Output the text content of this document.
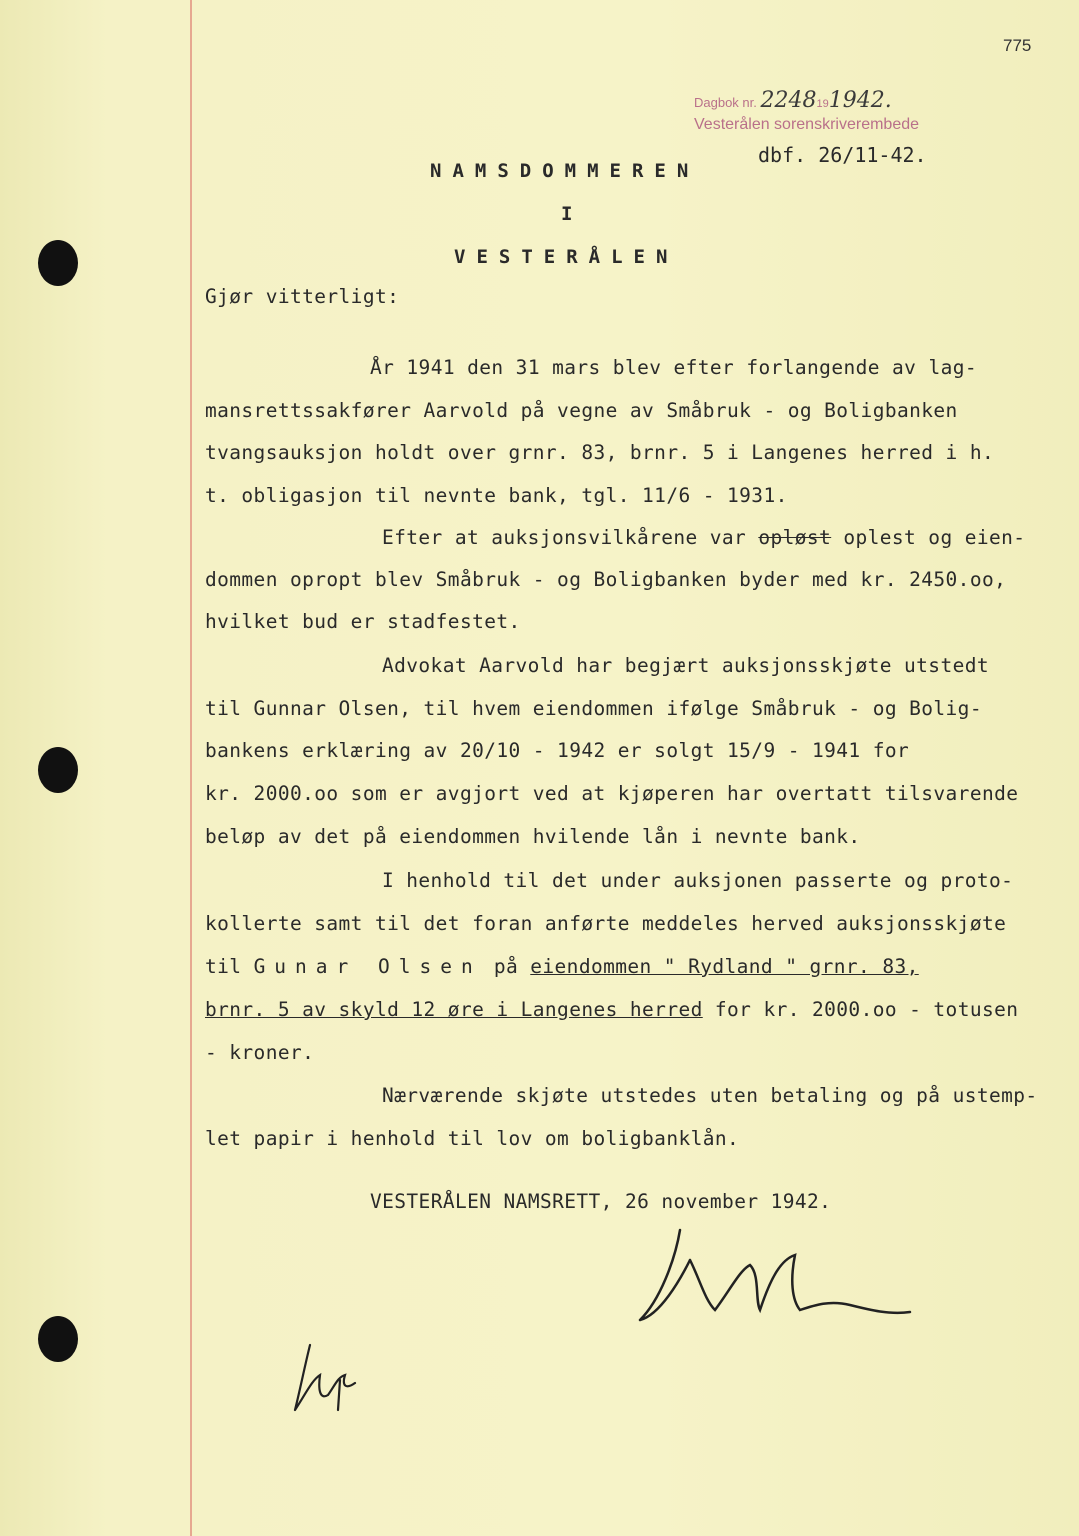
775
Dagbok nr. 2248191942.
Vesterålen sorenskriverembede
dbf. 26/11-42.
NAMSDOMMEREN
I
VESTERÅLEN
Gjør vitterligt:
År 1941 den 31 mars blev efter forlangende av lag-
mansrettssakfører Aarvold på vegne av Småbruk - og Boligbanken
tvangsauksjon holdt over grnr. 83, brnr. 5 i Langenes herred i h.
t. obligasjon til nevnte bank, tgl. 11/6 - 1931.
Efter at auksjonsvilkårene var opløst oplest og eien-
dommen opropt blev Småbruk - og Boligbanken byder med kr. 2450.oo,
hvilket bud er stadfestet.
Advokat Aarvold har begjært auksjonsskjøte utstedt
til Gunnar Olsen, til hvem eiendommen ifølge Småbruk - og Bolig-
bankens erklæring av 20/10 - 1942 er solgt 15/9 - 1941 for
kr. 2000.oo som er avgjort ved at kjøperen har overtatt tilsvarende
beløp av det på eiendommen hvilende lån i nevnte bank.
I henhold til det under auksjonen passerte og proto-
kollerte samt til det foran anførte meddeles herved auksjonsskjøte
til Gunar Olsen på eiendommen " Rydland " grnr. 83,
brnr. 5 av skyld 12 øre i Langenes herred for kr. 2000.oo - totusen
- kroner.
Nærværende skjøte utstedes uten betaling og på ustemp-
let papir i henhold til lov om boligbanklån.
VESTERÅLEN NAMSRETT, 26 november 1942.
